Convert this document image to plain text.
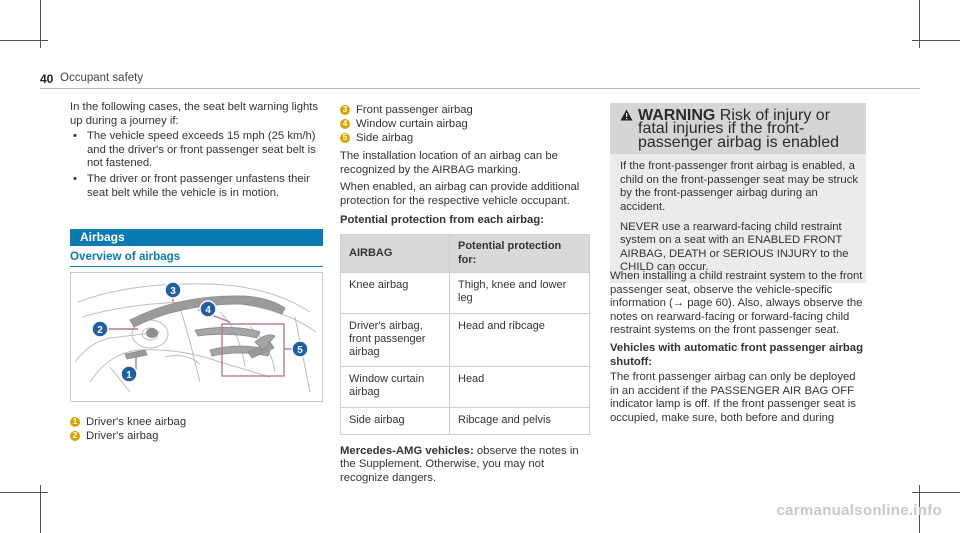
40 Occupant safety

In the following cases, the seat belt warning lights up during a journey if:

• The vehicle speed exceeds 15 mph (25 km/h) and the driver's or front passenger seat belt is not fastened.
• The driver or front passenger unfastens their seat belt while the vehicle is in motion.
Airbags
Overview of airbags
1
2
3
4
5
1 Driver's knee airbag
2 Driver's airbag
3 Front passenger airbag
4 Window curtain airbag
5 Side airbag

The installation location of an airbag can be recognized by the AIRBAG marking.

When enabled, an airbag can provide additional protection for the respective vehicle occupant.

Potential protection from each airbag:

AIRBAG	Potential protection for:
Knee airbag	Thigh, knee and lower leg
Driver's airbag, front passenger airbag	Head and ribcage
Window curtain airbag	Head
Side airbag	Ribcage and pelvis

Mercedes-AMG vehicles: observe the notes in the Supplement. Otherwise, you may not recognize dangers.

WARNING Risk of injury or fatal injuries if the front-passenger airbag is enabled

If the front-passenger front airbag is enabled, a child on the front-passenger seat may be struck by the front-passenger airbag during an accident.

NEVER use a rearward-facing child restraint system on a seat with an ENABLED FRONT AIRBAG, DEATH or SERIOUS INJURY to the CHILD can occur.

When installing a child restraint system to the front passenger seat, observe the vehicle-specific information (→ page 60). Also, always observe the notes on rearward-facing or forward-facing child restraint systems on the front passenger seat.

Vehicles with automatic front passenger airbag shutoff:

The front passenger airbag can only be deployed in an accident if the PASSENGER AIR BAG OFF indicator lamp is off. If the front passenger seat is occupied, make sure, both before and during

carmanualsonline.info
